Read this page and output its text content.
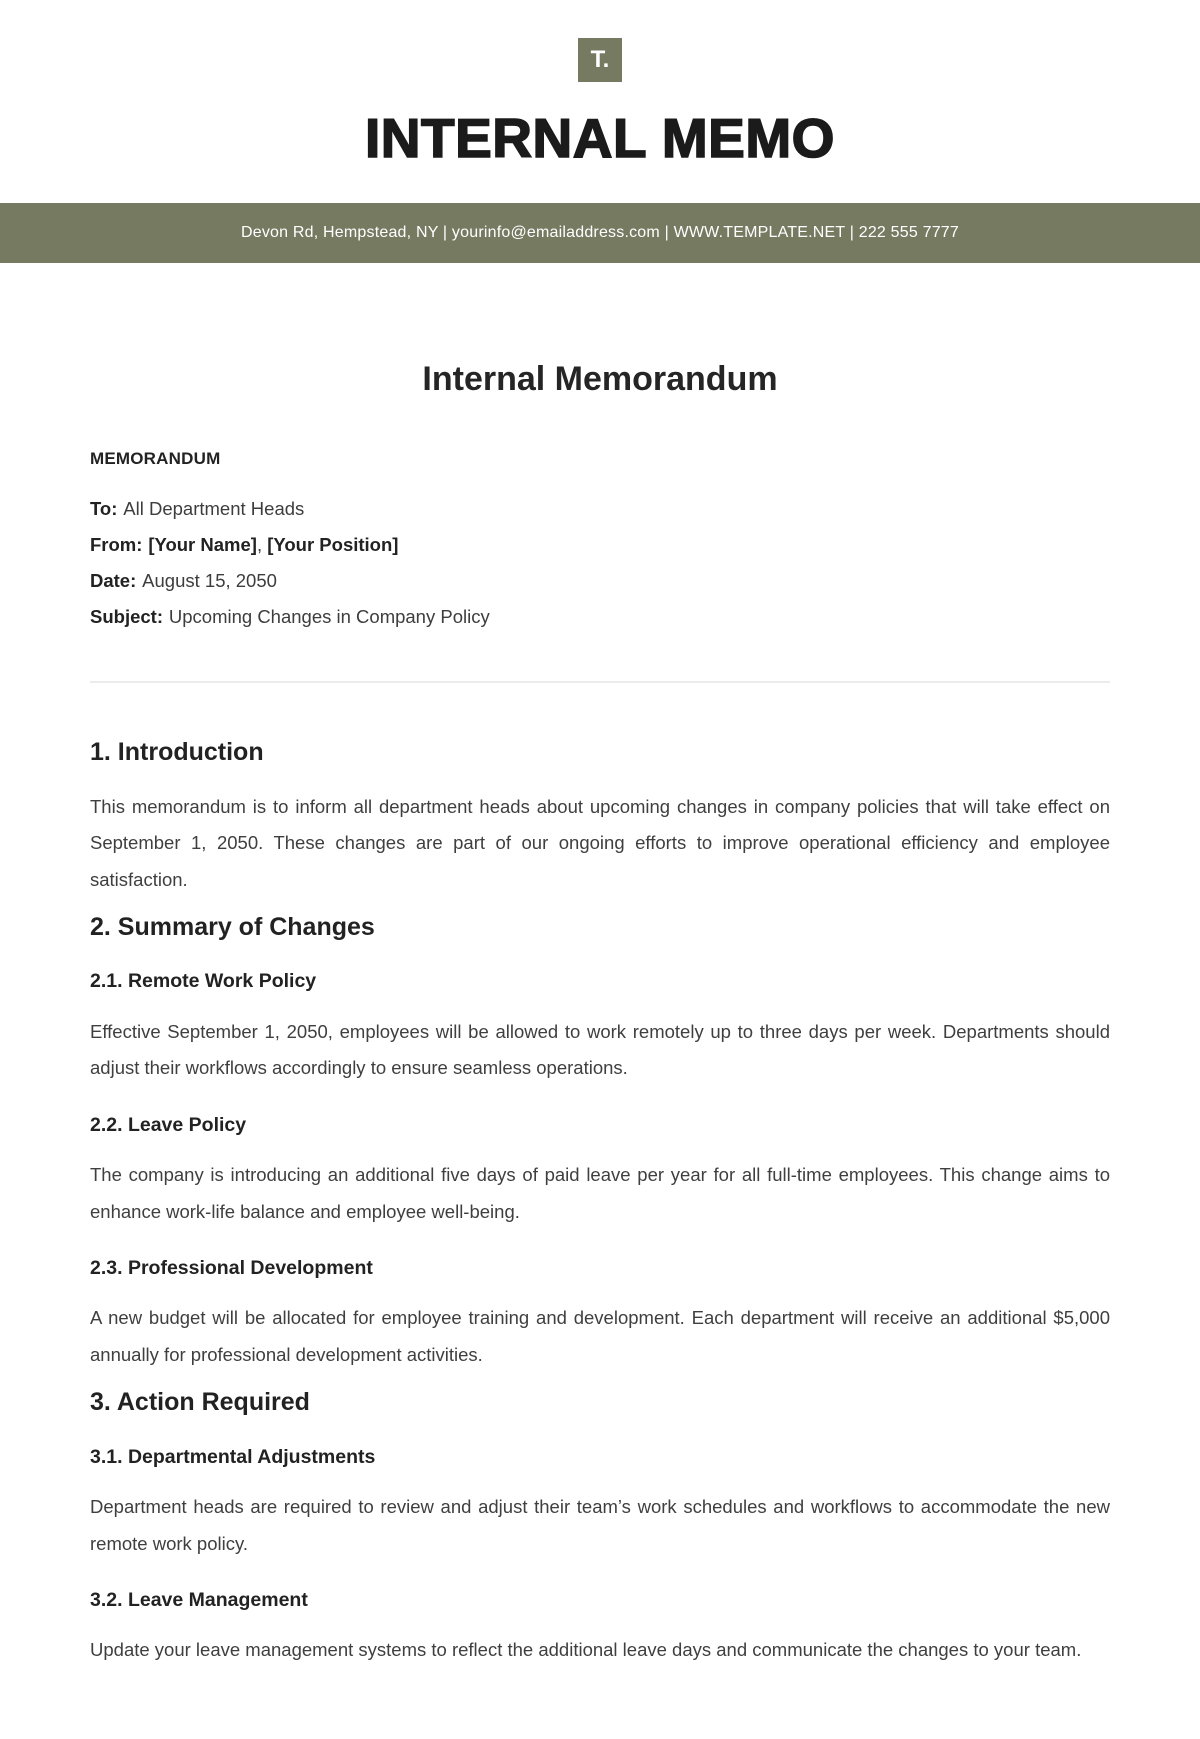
T.
INTERNAL MEMO
Devon Rd, Hempstead, NY | yourinfo@emailaddress.com | WWW.TEMPLATE.NET | 222 555 7777
Internal Memorandum

MEMORANDUM

To: All Department Heads

From: [Your Name], [Your Position]

Date: August 15, 2050

Subject: Upcoming Changes in Company Policy

1. Introduction

This memorandum is to inform all department heads about upcoming changes in company policies that will take effect on September 1, 2050. These changes are part of our ongoing efforts to improve operational efficiency and employee satisfaction.

2. Summary of Changes
2.1. Remote Work Policy

Effective September 1, 2050, employees will be allowed to work remotely up to three days per week. Departments should adjust their workflows accordingly to ensure seamless operations.

2.2. Leave Policy

The company is introducing an additional five days of paid leave per year for all full-time employees. This change aims to enhance work-life balance and employee well-being.

2.3. Professional Development

A new budget will be allocated for employee training and development. Each department will receive an additional $5,000 annually for professional development activities.

3. Action Required
3.1. Departmental Adjustments

Department heads are required to review and adjust their team’s work schedules and workflows to accommodate the new remote work policy.

3.2. Leave Management

Update your leave management systems to reflect the additional leave days and communicate the changes to your team.
